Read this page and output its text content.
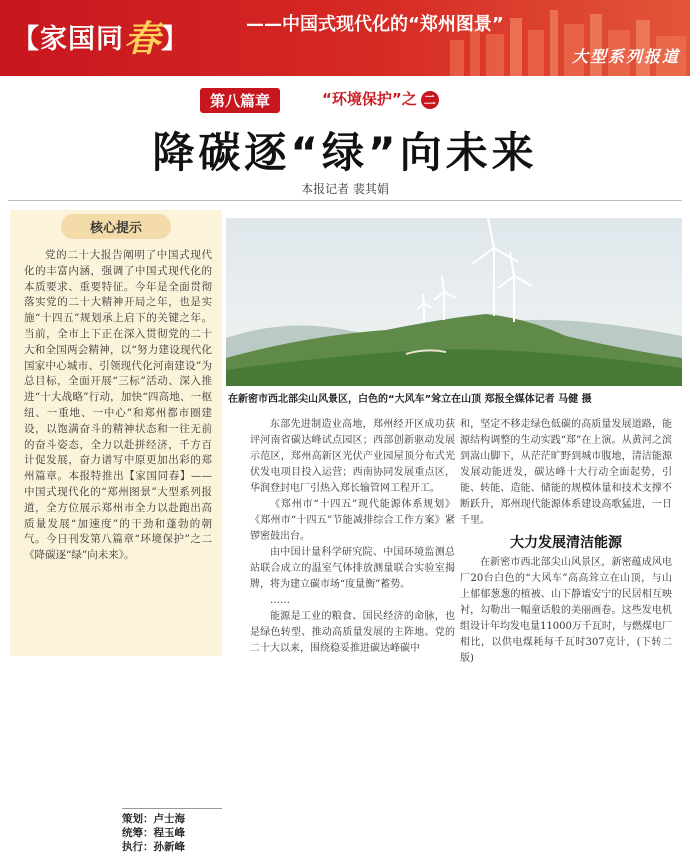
【家国同春】	——中国式现代化的“郑州图景”
大型系列报道
第八篇章	“环境保护”之 二
降碳逐“绿”向未来
本报记者 裴其娟
核心提示
党的二十大报告阐明了中国式现代化的丰富内涵，强调了中国式现代化的本质要求、重要特征。今年是全面贯彻落实党的二十大精神开局之年，也是实施“十四五”规划承上启下的关键之年。当前，全市上下正在深入贯彻党的二十大和全国两会精神，以“努力建设现代化国家中心城市、引领现代化河南建设”为总目标，全面开展“三标”活动、深入推进“十大战略”行动，加快“四高地、一枢纽、一重地、一中心”和郑州都市圈建设，以饱满奋斗的精神状态和一往无前的奋斗姿态，全力以赴拼经济，千方百计促发展，奋力谱写中原更加出彩的郑州篇章。本报特推出【家国同春】——中国式现代化的“郑州图景”大型系列报道，全方位展示郑州市全力以赴跑出高质量发展“加速度”的干劲和蓬勃的朝气。今日刊发第八篇章“环境保护”之二《降碳逐“绿”向未来》。
策划：卢士海
统筹：程玉峰
执行：孙新峰
在新密市西北部尖山风景区，白色的“大风车”耸立在山顶 郑报全媒体记者 马健 摄

东部先进制造业高地，郑州经开区成功获评河南省碳达峰试点园区；西部创新驱动发展示范区，郑州高新区光伏产业园屋顶分布式光伏发电项目投入运营；西南协同发展重点区，华润登封电厂引热入郑长输管网工程开工。

《郑州市“十四五”现代能源体系规划》《郑州市“十四五”节能减排综合工作方案》紧锣密鼓出台。

由中国计量科学研究院、中国环境监测总站联合成立的温室气体排放测量联合实验室揭牌，将为建立碳市场“度量衡”蓄势。

……

能源是工业的粮食、国民经济的命脉，也是绿色转型、推动高质量发展的主阵地。党的二十大以来，围绕稳妥推进碳达峰碳中

和，坚定不移走绿色低碳的高质量发展道路，能源结构调整的生动实践“郑”在上演。从黄河之滨到嵩山脚下，从茫茫旷野到城市腹地，清洁能源发展动能迸发，碳达峰十大行动全面起势，引能、转能、造能、储能的规模体量和技术支撑不断跃升，郑州现代能源体系建设高歌猛进，一日千里。

大力发展清洁能源

在新密市西北部尖山风景区，新密蕴成风电厂20台白色的“大风车”高高耸立在山顶，与山上郁郁葱葱的植被、山下静谧安宁的民居相互映衬，勾勒出一幅童话般的美丽画卷。这些发电机组设计年均发电量11000万千瓦时，与燃煤电厂相比，以供电煤耗每千瓦时307克计，(下转二版)
